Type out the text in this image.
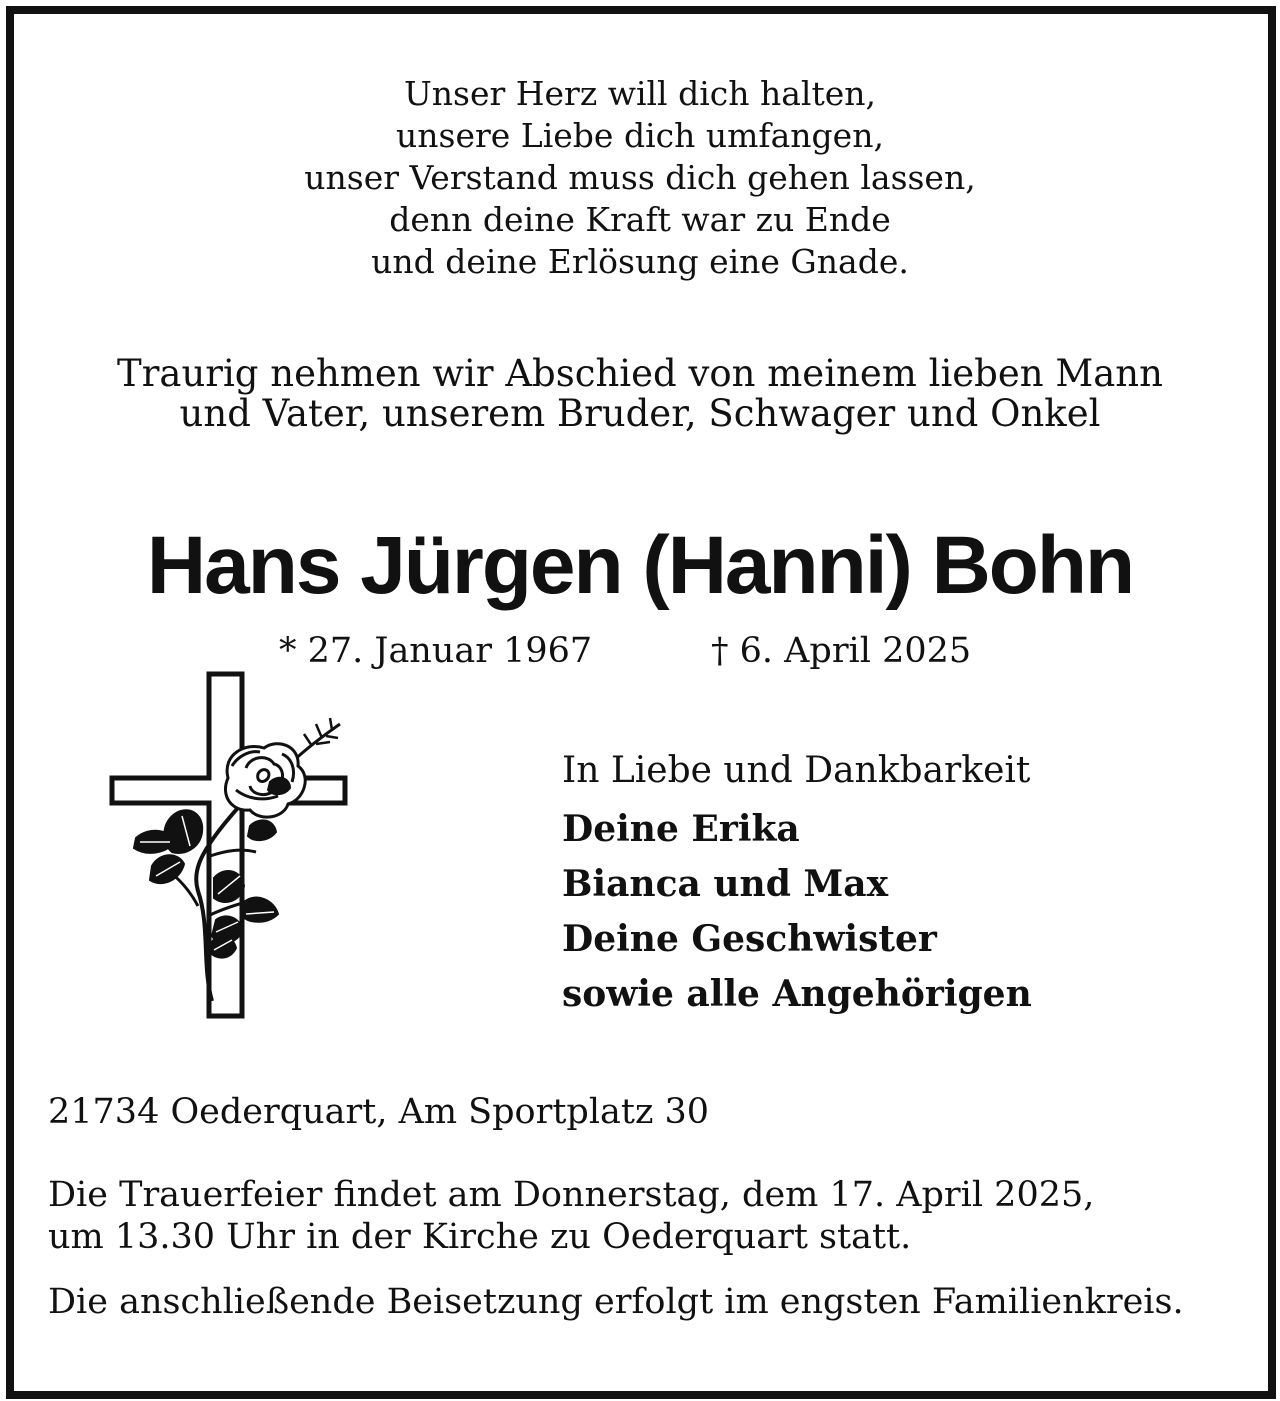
Unser Herz will dich halten,
unsere Liebe dich umfangen,
unser Verstand muss dich gehen lassen,
denn deine Kraft war zu Ende
und deine Erlösung eine Gnade.
Traurig nehmen wir Abschied von meinem lieben Mann
und Vater, unserem Bruder, Schwager und Onkel
Hans Jürgen (Hanni) Bohn
* 27. Januar 1967	† 6. April 2025
In Liebe und Dankbarkeit
Deine Erika
Bianca und Max
Deine Geschwister
sowie alle Angehörigen
21734 Oederquart, Am Sportplatz 30
Die Trauerfeier findet am Donnerstag, dem 17. April 2025,
um 13.30 Uhr in der Kirche zu Oederquart statt.
Die anschließende Beisetzung erfolgt im engsten Familienkreis.
